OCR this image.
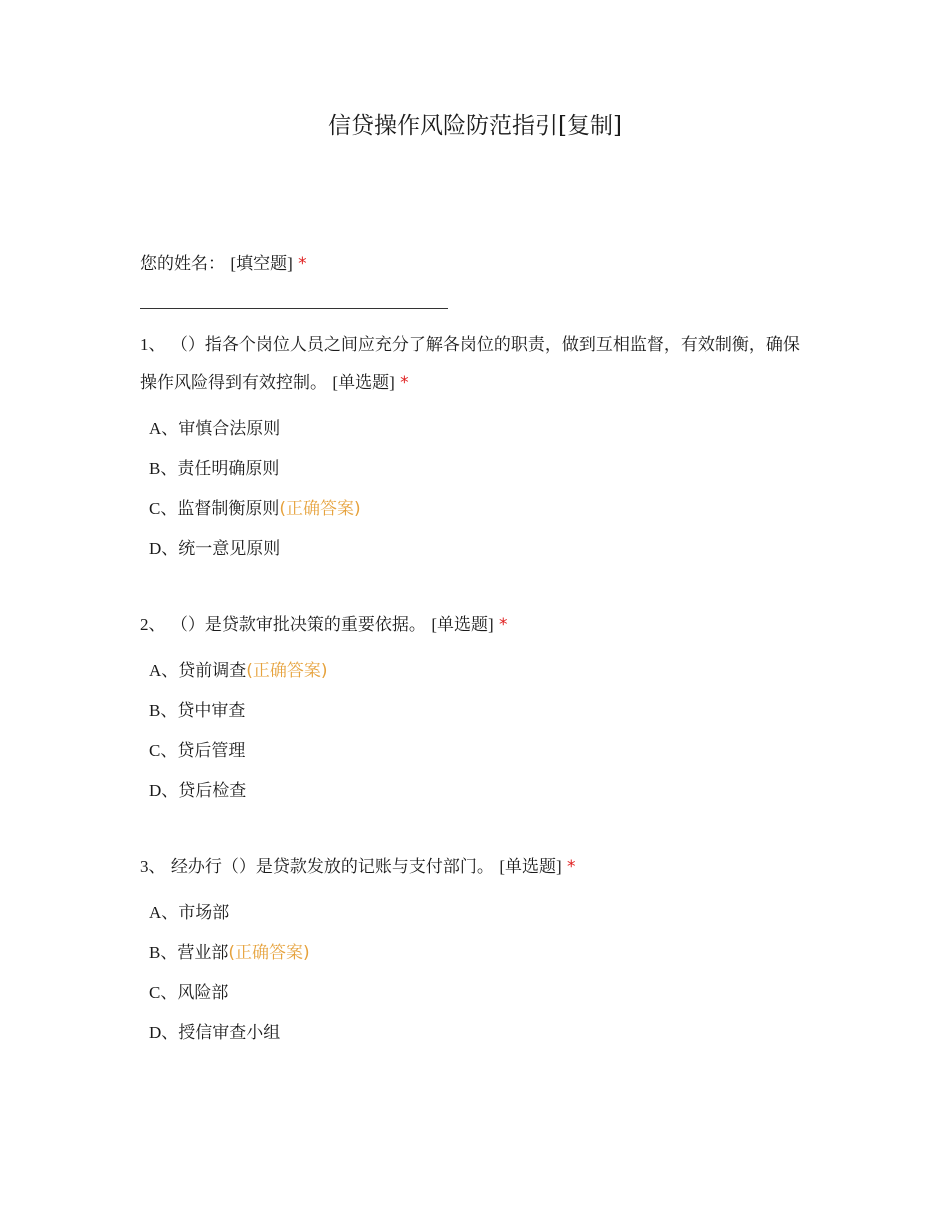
信贷操作风险防范指引[复制]
您的姓名： [填空题] *
1、 （）指各个岗位人员之间应充分了解各岗位的职责，做到互相监督，有效制衡，确保操作风险得到有效控制。 [单选题] *
A、审慎合法原则
B、责任明确原则
C、监督制衡原则(正确答案)
D、统一意见原则
2、 （）是贷款审批决策的重要依据。 [单选题] *
A、贷前调查(正确答案)
B、贷中审查
C、贷后管理
D、贷后检查
3、 经办行（）是贷款发放的记账与支付部门。 [单选题] *
A、市场部
B、营业部(正确答案)
C、风险部
D、授信审查小组
